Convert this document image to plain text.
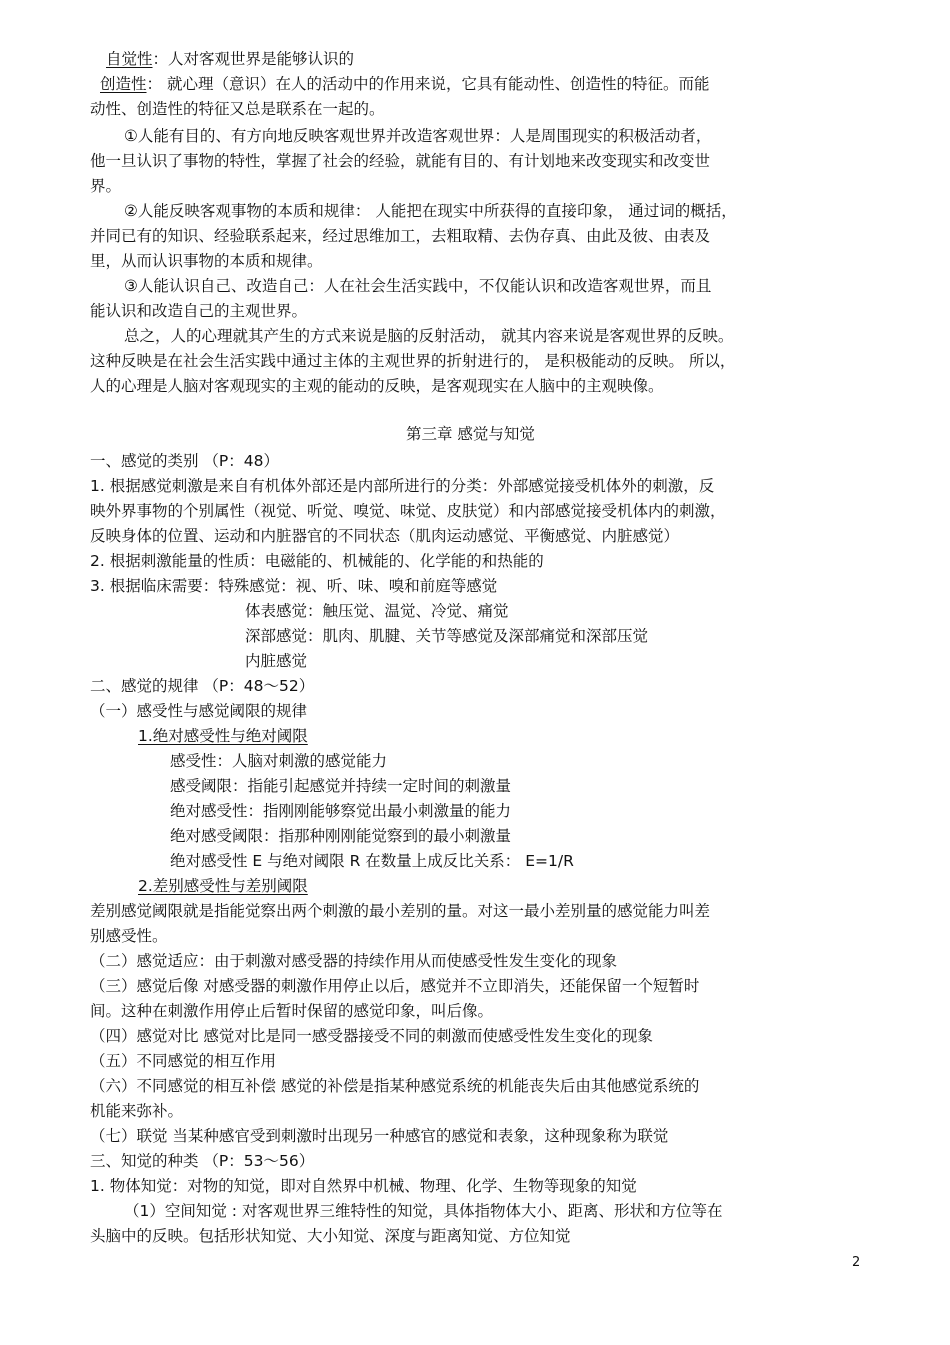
自觉性：人对客观世界是能够认识的
创造性： 就心理（意识）在人的活动中的作用来说，它具有能动性、创造性的特征。而能
动性、创造性的特征又总是联系在一起的。
①人能有目的、有方向地反映客观世界并改造客观世界：人是周围现实的积极活动者，
他一旦认识了事物的特性，掌握了社会的经验，就能有目的、有计划地来改变现实和改变世
界。
②人能反映客观事物的本质和规律： 人能把在现实中所获得的直接印象， 通过词的概括，
并同已有的知识、经验联系起来，经过思维加工，去粗取精、去伪存真、由此及彼、由表及
里，从而认识事物的本质和规律。
③人能认识自己、改造自己：人在社会生活实践中，不仅能认识和改造客观世界，而且
能认识和改造自己的主观世界。
总之，人的心理就其产生的方式来说是脑的反射活动， 就其内容来说是客观世界的反映。
这种反映是在社会生活实践中通过主体的主观世界的折射进行的， 是积极能动的反映。 所以，
人的心理是人脑对客观现实的主观的能动的反映，是客观现实在人脑中的主观映像。
第三章 感觉与知觉
一、感觉的类别 （P：48）
1. 根据感觉刺激是来自有机体外部还是内部所进行的分类：外部感觉接受机体外的刺激，反
映外界事物的个别属性（视觉、听觉、嗅觉、味觉、皮肤觉）和内部感觉接受机体内的刺激，
反映身体的位置、运动和内脏器官的不同状态（肌肉运动感觉、平衡感觉、内脏感觉）
2. 根据刺激能量的性质：电磁能的、机械能的、化学能的和热能的
3. 根据临床需要：特殊感觉：视、听、味、嗅和前庭等感觉
体表感觉：触压觉、温觉、冷觉、痛觉
深部感觉：肌肉、肌腱、关节等感觉及深部痛觉和深部压觉
内脏感觉
二、感觉的规律 （P：48～52）
（一）感受性与感觉阈限的规律
1.绝对感受性与绝对阈限
感受性：人脑对刺激的感觉能力
感受阈限：指能引起感觉并持续一定时间的刺激量
绝对感受性：指刚刚能够察觉出最小刺激量的能力
绝对感受阈限：指那种刚刚能觉察到的最小刺激量
绝对感受性 E 与绝对阈限 R 在数量上成反比关系： E=1/R
2.差别感受性与差别阈限
差别感觉阈限就是指能觉察出两个刺激的最小差别的量。对这一最小差别量的感觉能力叫差
别感受性。
（二）感觉适应：由于刺激对感受器的持续作用从而使感受性发生变化的现象
（三）感觉后像 对感受器的刺激作用停止以后，感觉并不立即消失，还能保留一个短暂时
间。这种在刺激作用停止后暂时保留的感觉印象，叫后像。
（四）感觉对比 感觉对比是同一感受器接受不同的刺激而使感受性发生变化的现象
（五）不同感觉的相互作用
（六）不同感觉的相互补偿 感觉的补偿是指某种感觉系统的机能丧失后由其他感觉系统的
机能来弥补。
（七）联觉 当某种感官受到刺激时出现另一种感官的感觉和表象，这种现象称为联觉
三、知觉的种类 （P：53～56）
1. 物体知觉：对物的知觉，即对自然界中机械、物理、化学、生物等现象的知觉
（1）空间知觉 : 对客观世界三维特性的知觉，具体指物体大小、距离、形状和方位等在
头脑中的反映。包括形状知觉、大小知觉、深度与距离知觉、方位知觉
2
